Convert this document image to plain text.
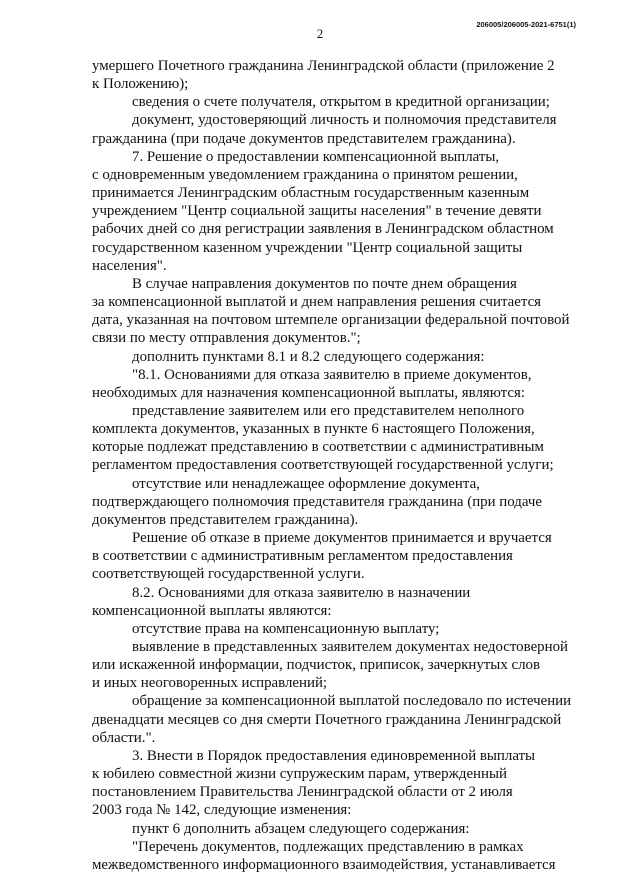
2
206005/206005-2021-6751(1)

умершего Почетного гражданина Ленинградской области (приложение 2

к Положению);

сведения о счете получателя, открытом в кредитной организации;

документ, удостоверяющий личность и полномочия представителя

гражданина (при подаче документов представителем гражданина).

7. Решение о предоставлении компенсационной выплаты,

с одновременным уведомлением гражданина о принятом решении,

принимается Ленинградским областным государственным казенным

учреждением "Центр социальной защиты населения" в течение девяти

рабочих дней со дня регистрации заявления в Ленинградском областном

государственном казенном учреждении "Центр социальной защиты

населения".

В случае направления документов по почте днем обращения

за компенсационной выплатой и днем направления решения считается

дата, указанная на почтовом штемпеле организации федеральной почтовой

связи по месту отправления документов.";

дополнить пунктами 8.1 и 8.2 следующего содержания:

"8.1. Основаниями для отказа заявителю в приеме документов,

необходимых для назначения компенсационной выплаты, являются:

представление заявителем или его представителем неполного

комплекта документов, указанных в пункте 6 настоящего Положения,

которые подлежат представлению в соответствии с административным

регламентом предоставления соответствующей государственной услуги;

отсутствие или ненадлежащее оформление документа,

подтверждающего полномочия представителя гражданина (при подаче

документов представителем гражданина).

Решение об отказе в приеме документов принимается и вручается

в соответствии с административным регламентом предоставления

соответствующей государственной услуги.

8.2. Основаниями для отказа заявителю в назначении

компенсационной выплаты являются:

отсутствие права на компенсационную выплату;

выявление в представленных заявителем документах недостоверной

или искаженной информации, подчисток, приписок, зачеркнутых слов

и иных неоговоренных исправлений;

обращение за компенсационной выплатой последовало по истечении

двенадцати месяцев со дня смерти Почетного гражданина Ленинградской

области.".

3. Внести в Порядок предоставления единовременной выплаты

к юбилею совместной жизни супружеским парам, утвержденный

постановлением Правительства Ленинградской области от 2 июля

2003 года № 142, следующие изменения:

пункт 6 дополнить абзацем следующего содержания:

"Перечень документов, подлежащих представлению в рамках

межведомственного информационного взаимодействия, устанавливается
